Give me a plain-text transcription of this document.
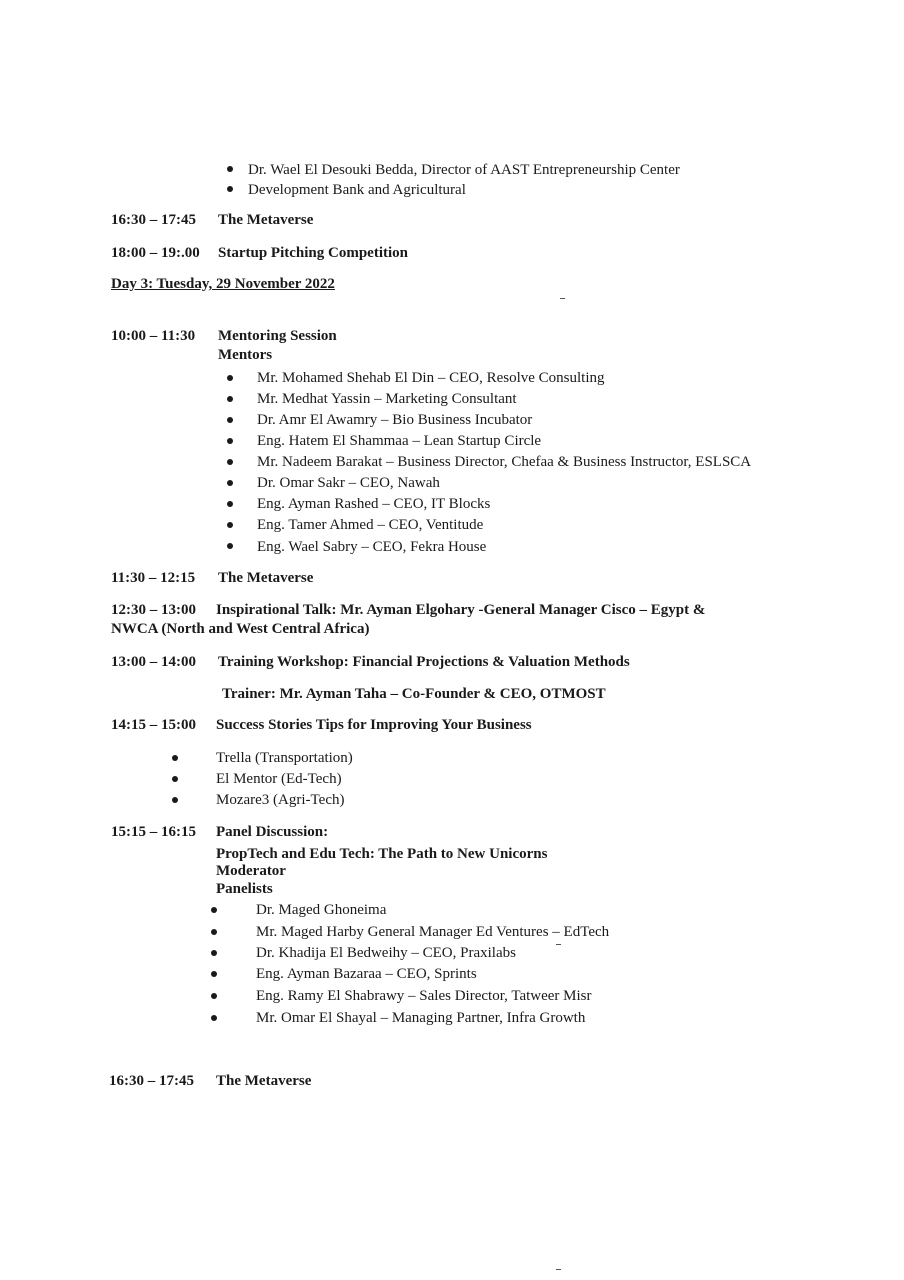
Dr. Wael El Desouki Bedda, Director of AAST Entrepreneurship Center
Development Bank and Agricultural
16:30 – 17:45 The Metaverse
18:00 – 19:.00 Startup Pitching Competition
Day 3: Tuesday, 29 November 2022
10:00 – 11:30 Mentoring Session
Mentors
Mr. Mohamed Shehab El Din – CEO, Resolve Consulting
Mr. Medhat Yassin – Marketing Consultant
Dr. Amr El Awamry – Bio Business Incubator
Eng. Hatem El Shammaa – Lean Startup Circle
Mr. Nadeem Barakat – Business Director, Chefaa & Business Instructor, ESLSCA
Dr. Omar Sakr – CEO, Nawah
Eng. Ayman Rashed – CEO, IT Blocks
Eng. Tamer Ahmed – CEO, Ventitude
Eng. Wael Sabry – CEO, Fekra House
11:30 – 12:15 The Metaverse
12:30 – 13:00 Inspirational Talk: Mr. Ayman Elgohary -General Manager Cisco – Egypt &
NWCA (North and West Central Africa)
13:00 – 14:00 Training Workshop: Financial Projections & Valuation Methods
Trainer: Mr. Ayman Taha – Co-Founder & CEO, OTMOST
14:15 – 15:00 Success Stories Tips for Improving Your Business
Trella (Transportation)
El Mentor (Ed-Tech)
Mozare3 (Agri-Tech)
15:15 – 16:15 Panel Discussion:
PropTech and Edu Tech: The Path to New Unicorns
Moderator
Panelists
Dr. Maged Ghoneima
Mr. Maged Harby General Manager Ed Ventures – EdTech
Dr. Khadija El Bedweihy – CEO, Praxilabs
Eng. Ayman Bazaraa – CEO, Sprints
Eng. Ramy El Shabrawy – Sales Director, Tatweer Misr
Mr. Omar El Shayal – Managing Partner, Infra Growth
16:30 – 17:45 The Metaverse
